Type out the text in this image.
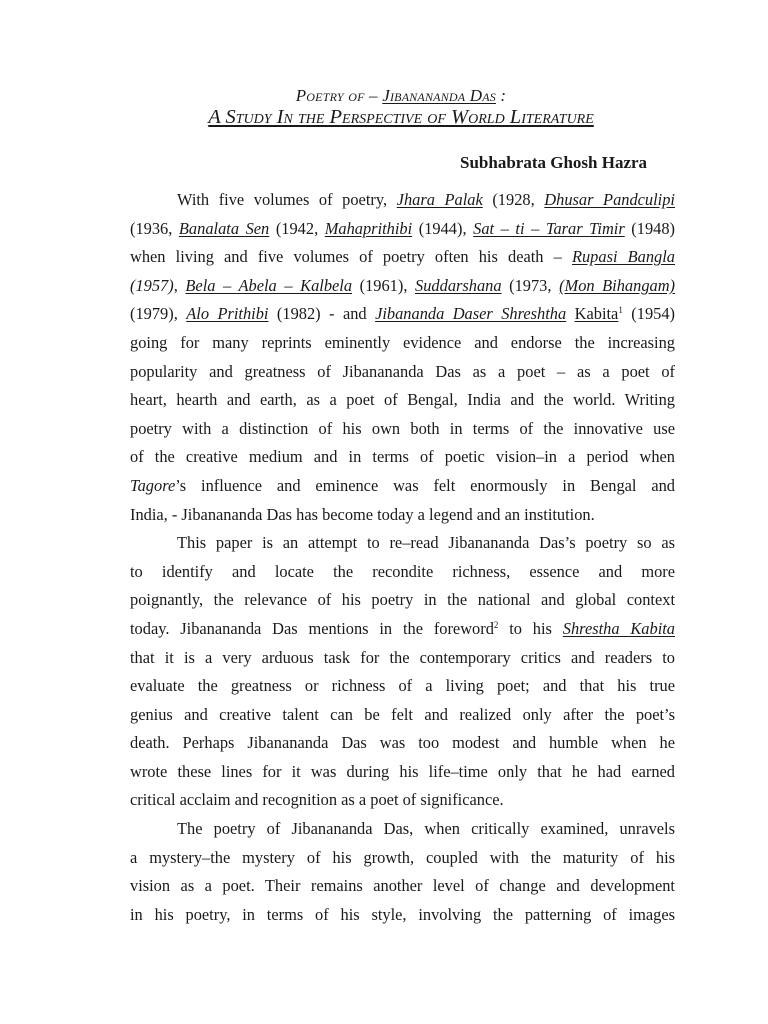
Poetry of – Jibanananda Das :
A Study In the Perspective of World Literature
Subhabrata Ghosh Hazra
With five volumes of poetry, Jhara Palak (1928, Dhusar Pandculipi
(1936, Banalata Sen (1942, Mahaprithibi (1944), Sat – ti – Tarar Timir (1948)
when living and five volumes of poetry often his death – Rupasi Bangla
(1957), Bela – Abela – Kalbela (1961), Suddarshana (1973, (Mon Bihangam)
(1979), Alo Prithibi (1982) - and Jibananda Daser Shreshtha Kabita$^1$ (1954)
going for many reprints eminently evidence and endorse the increasing
popularity and greatness of Jibanananda Das as a poet – as a poet of
heart, hearth and earth, as a poet of Bengal, India and the world. Writing
poetry with a distinction of his own both in terms of the innovative use
of the creative medium and in terms of poetic vision–in a period when
Tagore’s influence and eminence was felt enormously in Bengal and
India, - Jibanananda Das has become today a legend and an institution.
This paper is an attempt to re–read Jibanananda Das’s poetry so as
to identify and locate the recondite richness, essence and more
poignantly, the relevance of his poetry in the national and global context
today. Jibanananda Das mentions in the foreword$^2$ to his Shrestha Kabita
that it is a very arduous task for the contemporary critics and readers to
evaluate the greatness or richness of a living poet; and that his true
genius and creative talent can be felt and realized only after the poet’s
death. Perhaps Jibanananda Das was too modest and humble when he
wrote these lines for it was during his life–time only that he had earned
critical acclaim and recognition as a poet of significance.
The poetry of Jibanananda Das, when critically examined, unravels
a mystery–the mystery of his growth, coupled with the maturity of his
vision as a poet. Their remains another level of change and development
in his poetry, in terms of his style, involving the patterning of images
